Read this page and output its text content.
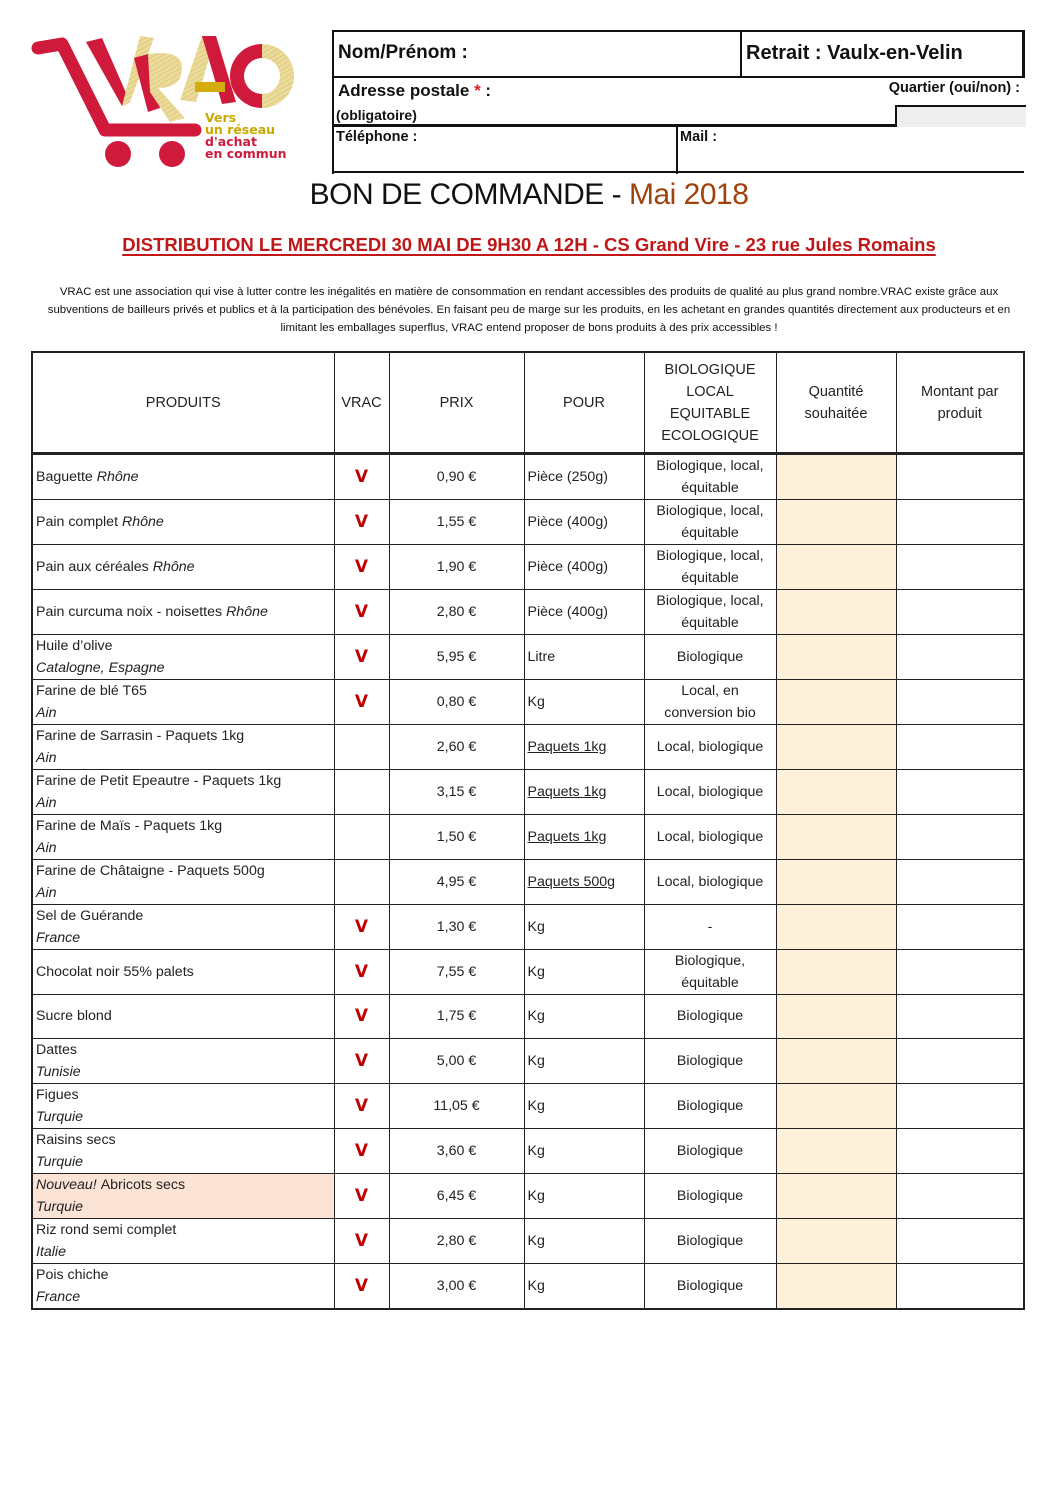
Vers
un réseau
d'achat
en commun
Nom/Prénom :	Retrait : Vaulx-en-Velin
Adresse postale * :
(obligatoire)
Quartier (oui/non) :
Téléphone :	Mail :
BON DE COMMANDE - Mai 2018
DISTRIBUTION LE MERCREDI 30 MAI DE 9H30 A 12H - CS Grand Vire - 23 rue Jules Romains
VRAC est une association qui vise à lutter contre les inégalités en matière de consommation en rendant accessibles des produits de qualité au plus grand nombre.VRAC existe grâce aux subventions de bailleurs privés et publics et à la participation des bénévoles. En faisant peu de marge sur les produits, en les achetant en grandes quantités directement aux producteurs et en limitant les emballages superflus, VRAC entend proposer de bons produits à des prix accessibles !
PRODUITS	VRAC	PRIX	POUR	BIOLOGIQUE
LOCAL
EQUITABLE
ECOLOGIQUE	Quantité souhaitée	Montant par produit

Baguette Rhône	V	0,90 €	Pièce (250g)	Biologique, local, équitable		

Pain complet Rhône	V	1,55 €	Pièce (400g)	Biologique, local, équitable		

Pain aux céréales Rhône	V	1,90 €	Pièce (400g)	Biologique, local, équitable		

Pain curcuma noix - noisettes Rhône	V	2,80 €	Pièce (400g)	Biologique, local, équitable		

Huile d’olive
Catalogne, Espagne	V	5,95 €	Litre	Biologique		

Farine de blé T65
Ain	V	0,80 €	Kg	Local, en conversion bio		

Farine de Sarrasin - Paquets 1kg
Ain		2,60 €	Paquets 1kg	Local, biologique		

Farine de Petit Epeautre - Paquets 1kg
Ain		3,15 €	Paquets 1kg	Local, biologique		

Farine de Maïs - Paquets 1kg
Ain		1,50 €	Paquets 1kg	Local, biologique		

Farine de Châtaigne - Paquets 500g
Ain		4,95 €	Paquets 500g	Local, biologique		

Sel de Guérande
France	V	1,30 €	Kg	-		

Chocolat noir 55% palets	V	7,55 €	Kg	Biologique, équitable		

Sucre blond	V	1,75 €	Kg	Biologique		

Dattes
Tunisie	V	5,00 €	Kg	Biologique		

Figues
Turquie	V	11,05 €	Kg	Biologique		

Raisins secs
Turquie	V	3,60 €	Kg	Biologique		

Nouveau! Abricots secs
Turquie	V	6,45 €	Kg	Biologique		

Riz rond semi complet
Italie	V	2,80 €	Kg	Biologique		

Pois chiche
France	V	3,00 €	Kg	Biologique		
